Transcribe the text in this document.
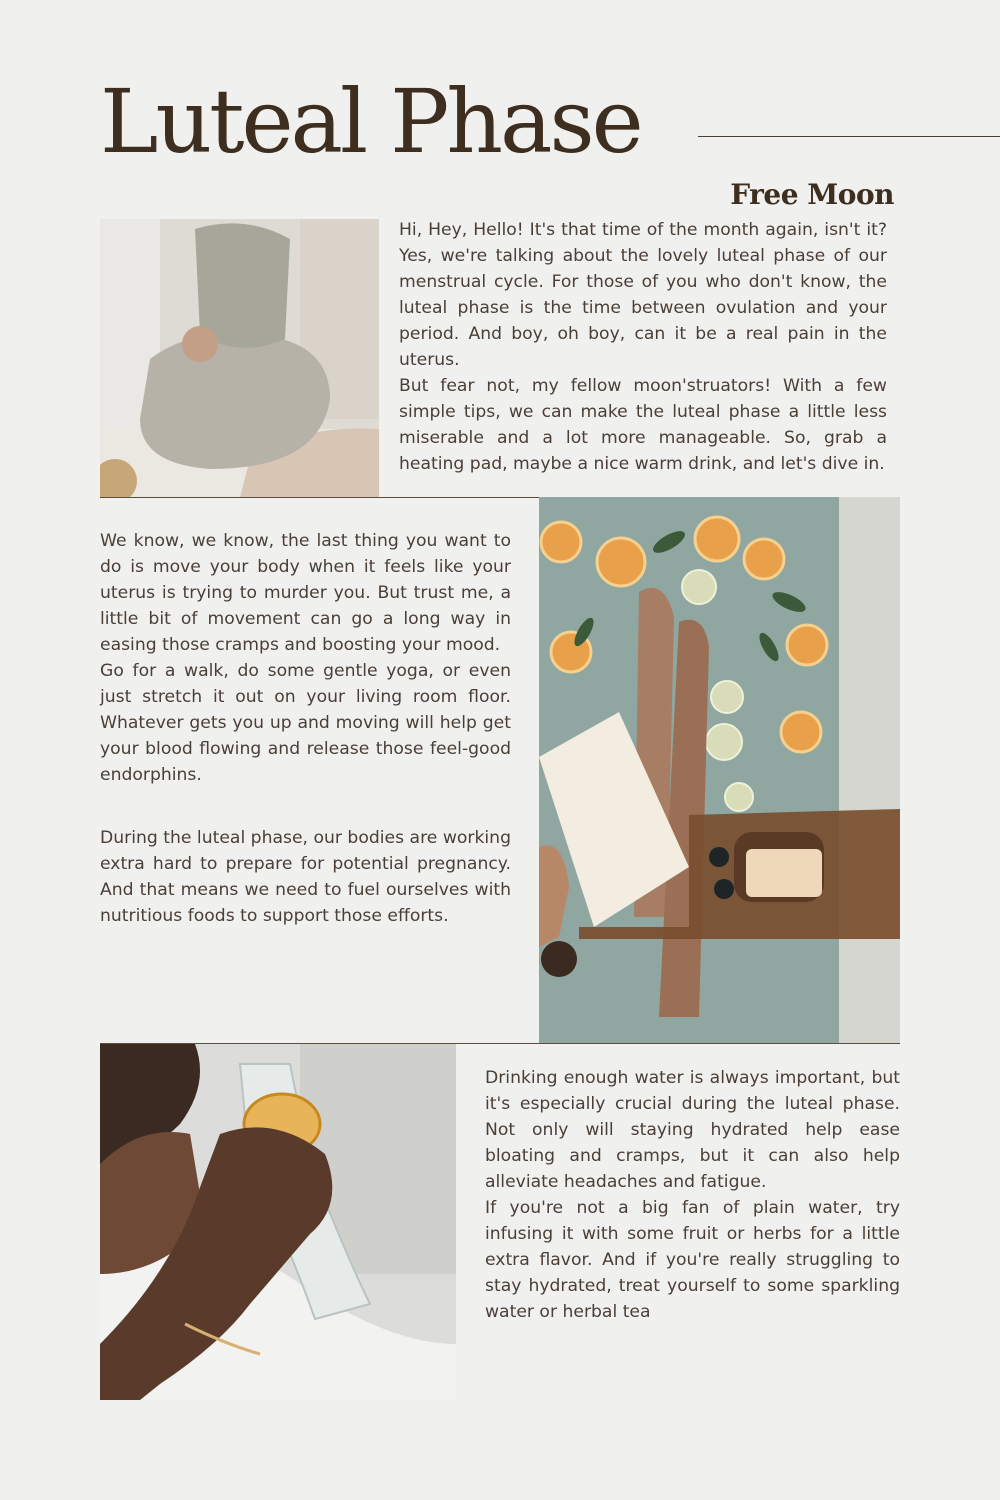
Luteal Phase
Free Moon

Hi, Hey, Hello! It's that time of the month again, isn't it? Yes, we're talking about the lovely luteal phase of our menstrual cycle. For those of you who don't know, the luteal phase is the time between ovulation and your period. And boy, oh boy, can it be a real pain in the uterus.

But fear not, my fellow moon'struators! With a few simple tips, we can make the luteal phase a little less miserable and a lot more manageable. So, grab a heating pad, maybe a nice warm drink, and let's dive in.

We know, we know, the last thing you want to do is move your body when it feels like your uterus is trying to murder you. But trust me, a little bit of movement can go a long way in easing those cramps and boosting your mood.

Go for a walk, do some gentle yoga, or even just stretch it out on your living room floor. Whatever gets you up and moving will help get your blood flowing and release those feel-good endorphins.

During the luteal phase, our bodies are working extra hard to prepare for potential pregnancy. And that means we need to fuel ourselves with nutritious foods to support those efforts.

Drinking enough water is always important, but it's especially crucial during the luteal phase. Not only will staying hydrated help ease bloating and cramps, but it can also help alleviate headaches and fatigue.

If you're not a big fan of plain water, try infusing it with some fruit or herbs for a little extra flavor. And if you're really struggling to stay hydrated, treat yourself to some sparkling water or herbal tea
